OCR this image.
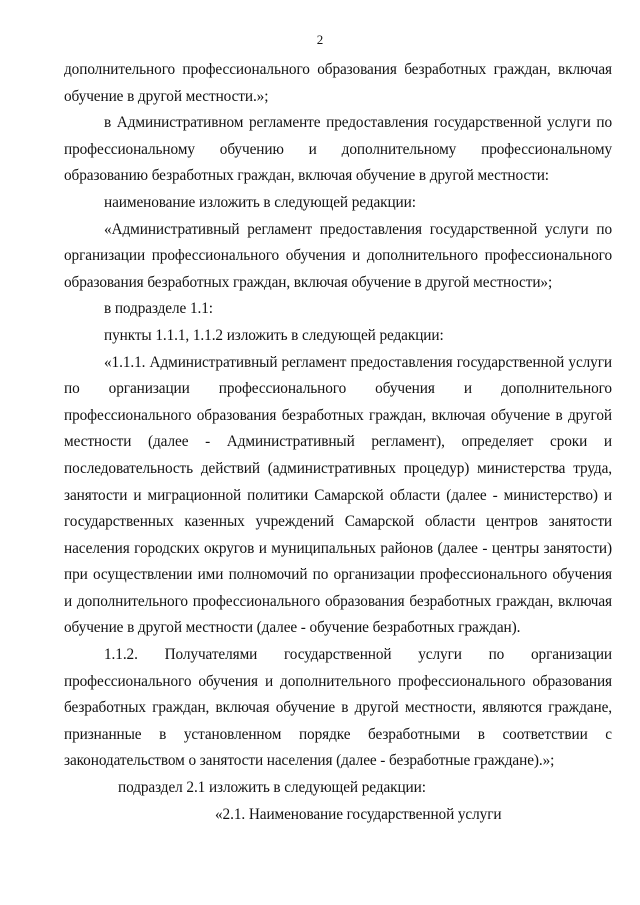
2

дополнительного профессионального образования безработных граждан, включая обучение в другой местности.»;

в Административном регламенте предоставления государственной услуги по профессиональному обучению и дополнительному профессиональному образованию безработных граждан, включая обучение в другой местности:

наименование изложить в следующей редакции:

«Административный регламент предоставления государственной услуги по организации профессионального обучения и дополнительного профессионального образования безработных граждан, включая обучение в другой местности»;

в подразделе 1.1:

пункты 1.1.1, 1.1.2 изложить в следующей редакции:

«1.1.1. Административный регламент предоставления государственной услуги по организации профессионального обучения и дополнительного профессионального образования безработных граждан, включая обучение в другой местности (далее - Административный регламент), определяет сроки и последовательность действий (административных процедур) министерства труда, занятости и миграционной политики Самарской области (далее - министерство) и государственных казенных учреждений Самарской области центров занятости населения городских округов и муниципальных районов (далее - центры занятости) при осуществлении ими полномочий по организации профессионального обучения и дополнительного профессионального образования безработных граждан, включая обучение в другой местности (далее - обучение безработных граждан).

1.1.2. Получателями государственной услуги по организации профессионального обучения и дополнительного профессионального образования безработных граждан, включая обучение в другой местности, являются граждане, признанные в установленном порядке безработными в соответствии с законодательством о занятости населения (далее - безработные граждане).»;

подраздел 2.1 изложить в следующей редакции:

«2.1. Наименование государственной услуги
